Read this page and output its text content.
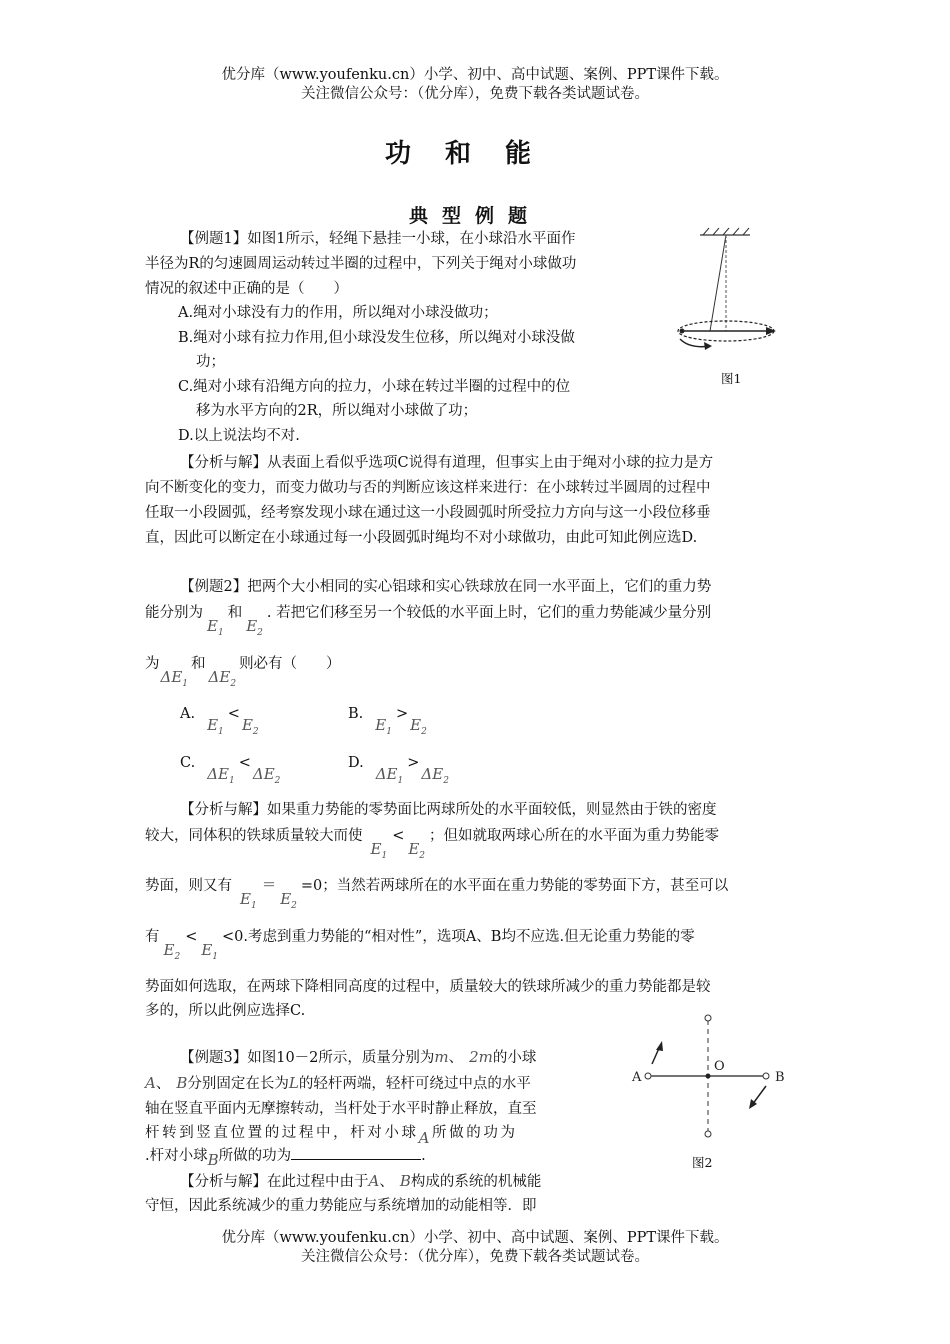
优分库（www.youfenku.cn）小学、初中、高中试题、案例、PPT课件下载。
关注微信公众号：（优分库），免费下载各类试题试卷。
功和能
典型例题
【例题1】如图1所示，轻绳下悬挂一小球，在小球沿水平面作
半径为R的匀速圆周运动转过半圈的过程中，下列关于绳对小球做功
情况的叙述中正确的是（　　）
A.绳对小球没有力的作用，所以绳对小球没做功；
B.绳对小球有拉力作用,但小球没发生位移，所以绳对小球没做
功；
C.绳对小球有沿绳方向的拉力，小球在转过半圈的过程中的位
移为水平方向的2R，所以绳对小球做了功；
D.以上说法均不对.
图1
【分析与解】从表面上看似乎选项C说得有道理，但事实上由于绳对小球的拉力是方
向不断变化的变力，而变力做功与否的判断应该这样来进行：在小球转过半圆周的过程中
任取一小段圆弧，经考察发现小球在通过这一小段圆弧时所受拉力方向与这一小段位移垂
直，因此可以断定在小球通过每一小段圆弧时绳均不对小球做功，由此可知此例应选D.
【例题2】把两个大小相同的实心铝球和实心铁球放在同一水平面上，它们的重力势
能分别为$E_1$和$E_2$. 若把它们移至另一个较低的水平面上时，它们的重力势能减少量分别
为$\Delta E_1$和$\Delta E_2$则必有（　　）
$A.E_1<E_2$
$B.E_1>E_2$
$C.\Delta E_1<\Delta E_2$
$D.\Delta E_1>\Delta E_2$
【分析与解】如果重力势能的零势面比两球所处的水平面较低，则显然由于铁的密度
较大，同体积的铁球质量较大而使$E_1<E_2$；但如就取两球心所在的水平面为重力势能零
势面，则又有$E_1=E_2=0$；当然若两球所在的水平面在重力势能的零势面下方，甚至可以
有$E_2<E_1<0$.考虑到重力势能的“相对性”，选项A、B均不应选.但无论重力势能的零
势面如何选取，在两球下降相同高度的过程中，质量较大的铁球所减少的重力势能都是较
多的，所以此例应选择C.
【例题3】如图10－2所示，质量分别为m、 2m的小球
A、 B分别固定在长为L的轻杆两端，轻杆可绕过中点的水平
轴在竖直平面内无摩擦转动，当杆处于水平时静止释放，直至
杆转到竖直位置的过程中，杆对小球A所做的功为
.杆对小球B所做的功为	.
A	B
O
图2
【分析与解】在此过程中由于A、 B构成的系统的机械能
守恒，因此系统减少的重力势能应与系统增加的动能相等．即
优分库（www.youfenku.cn）小学、初中、高中试题、案例、PPT课件下载。
关注微信公众号：（优分库），免费下载各类试题试卷。
